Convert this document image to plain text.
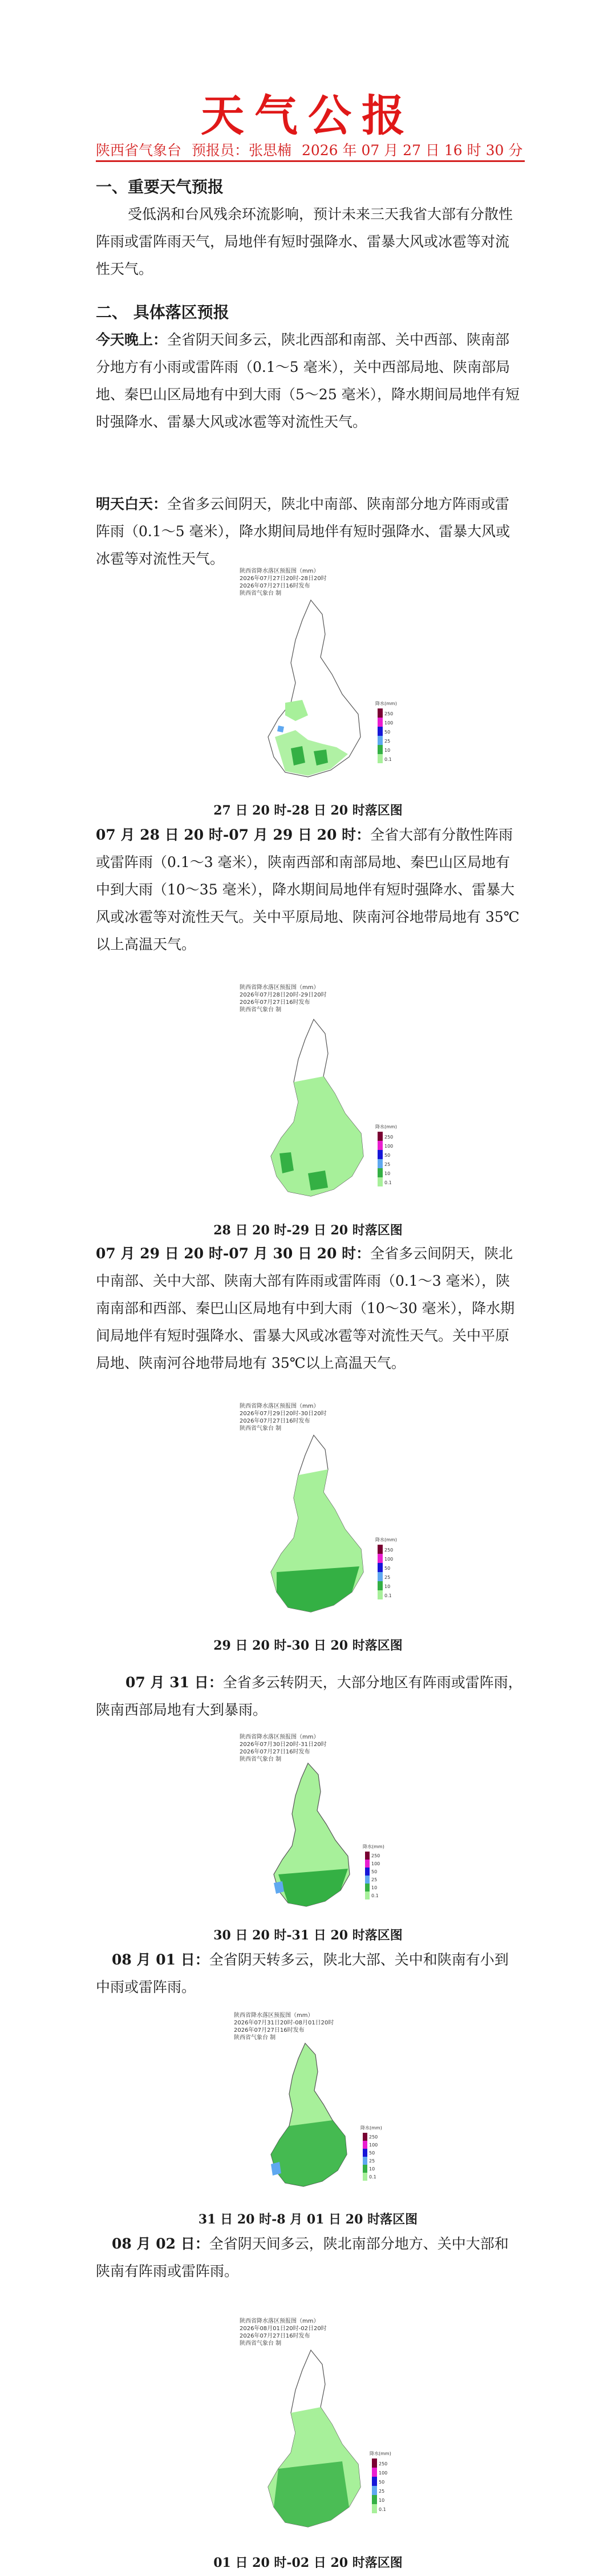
天气公报
陕西省气象台 预报员：张思楠 2026 年 07 月 27 日 16 时 30 分
一、重要天气预报
受低涡和台风残余环流影响，预计未来三天我省大部有分散性阵雨或雷阵雨天气，局地伴有短时强降水、雷暴大风或冰雹等对流性天气。
二、 具体落区预报
今天晚上：全省阴天间多云，陕北西部和南部、关中西部、陕南部分地方有小雨或雷阵雨（0.1～5 毫米），关中西部局地、陕南部局地、秦巴山区局地有中到大雨（5～25 毫米），降水期间局地伴有短时强降水、雷暴大风或冰雹等对流性天气。
明天白天：全省多云间阴天，陕北中南部、陕南部分地方阵雨或雷阵雨（0.1～5 毫米），降水期间局地伴有短时强降水、雷暴大风或冰雹等对流性天气。
陕西省降水落区预报图（mm）
2026年07月27日20时-28日20时
2026年07月27日16时发布
陕西省气象台 制
降水(mm)
250
100
50
25
10
0.1
27 日 20 时-28 日 20 时落区图
07 月 28 日 20 时-07 月 29 日 20 时：全省大部有分散性阵雨或雷阵雨（0.1～3 毫米），陕南西部和南部局地、秦巴山区局地有中到大雨（10～35 毫米），降水期间局地伴有短时强降水、雷暴大风或冰雹等对流性天气。关中平原局地、陕南河谷地带局地有 35℃以上高温天气。
陕西省降水落区预报图（mm）
2026年07月28日20时-29日20时
2026年07月27日16时发布
陕西省气象台 制
降水(mm)
250
100
50
25
10
0.1
28 日 20 时-29 日 20 时落区图
07 月 29 日 20 时-07 月 30 日 20 时：全省多云间阴天，陕北中南部、关中大部、陕南大部有阵雨或雷阵雨（0.1～3 毫米），陕南南部和西部、秦巴山区局地有中到大雨（10～30 毫米），降水期间局地伴有短时强降水、雷暴大风或冰雹等对流性天气。关中平原局地、陕南河谷地带局地有 35℃以上高温天气。
陕西省降水落区预报图（mm）
2026年07月29日20时-30日20时
2026年07月27日16时发布
陕西省气象台 制
降水(mm)
250
100
50
25
10
0.1
29 日 20 时-30 日 20 时落区图
07 月 31 日：全省多云转阴天，大部分地区有阵雨或雷阵雨，陕南西部局地有大到暴雨。
陕西省降水落区预报图（mm）
2026年07月30日20时-31日20时
2026年07月27日16时发布
陕西省气象台 制
降水(mm)
250
100
50
25
10
0.1
30 日 20 时-31 日 20 时落区图
08 月 01 日：全省阴天转多云，陕北大部、关中和陕南有小到中雨或雷阵雨。
陕西省降水落区预报图（mm）
2026年07月31日20时-08月01日20时
2026年07月27日16时发布
陕西省气象台 制
降水(mm)
250
100
50
25
10
0.1
31 日 20 时-8 月 01 日 20 时落区图
08 月 02 日：全省阴天间多云，陕北南部分地方、关中大部和陕南有阵雨或雷阵雨。
陕西省降水落区预报图（mm）
2026年08月01日20时-02日20时
2026年07月27日16时发布
陕西省气象台 制
降水(mm)
250
100
50
25
10
0.1
01 日 20 时-02 日 20 时落区图
